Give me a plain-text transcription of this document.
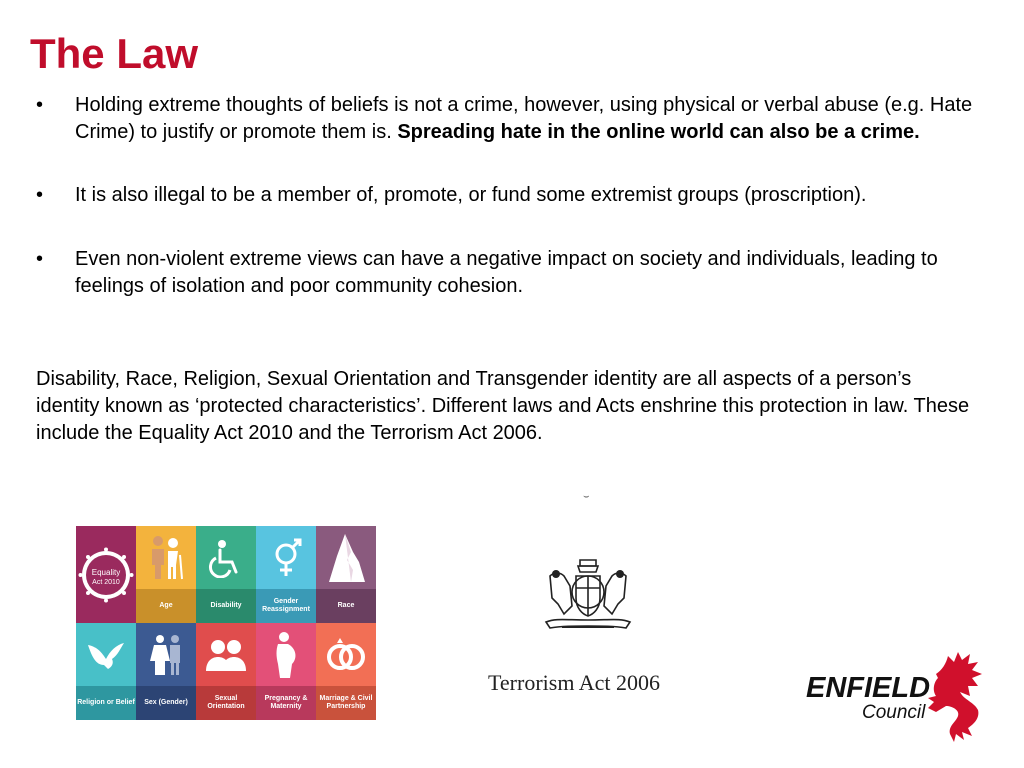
The Law
• Holding extreme thoughts of beliefs is not a crime, however, using physical or verbal abuse (e.g. Hate Crime) to justify or promote them is. Spreading hate in the online world can also be a crime.
• It is also illegal to be a member of, promote, or fund some extremist groups (proscription).
• Even non-violent extreme views can have a negative impact on society and individuals, leading to feelings of isolation and poor community cohesion.
Disability, Race, Religion, Sexual Orientation and Transgender identity are all aspects of a person’s identity known as ‘protected characteristics’. Different laws and Acts enshrine this protection in law. These include the Equality Act 2010 and the Terrorism Act 2006.
⌣
Equality
Act 2010
Age	Disability
Gender Reassignment
Race
Religion or Belief	Sex (Gender)
Sexual Orientation
Pregnancy & Maternity
Marriage & Civil Partnership
Terrorism Act 2006	ENFIELD
Council
